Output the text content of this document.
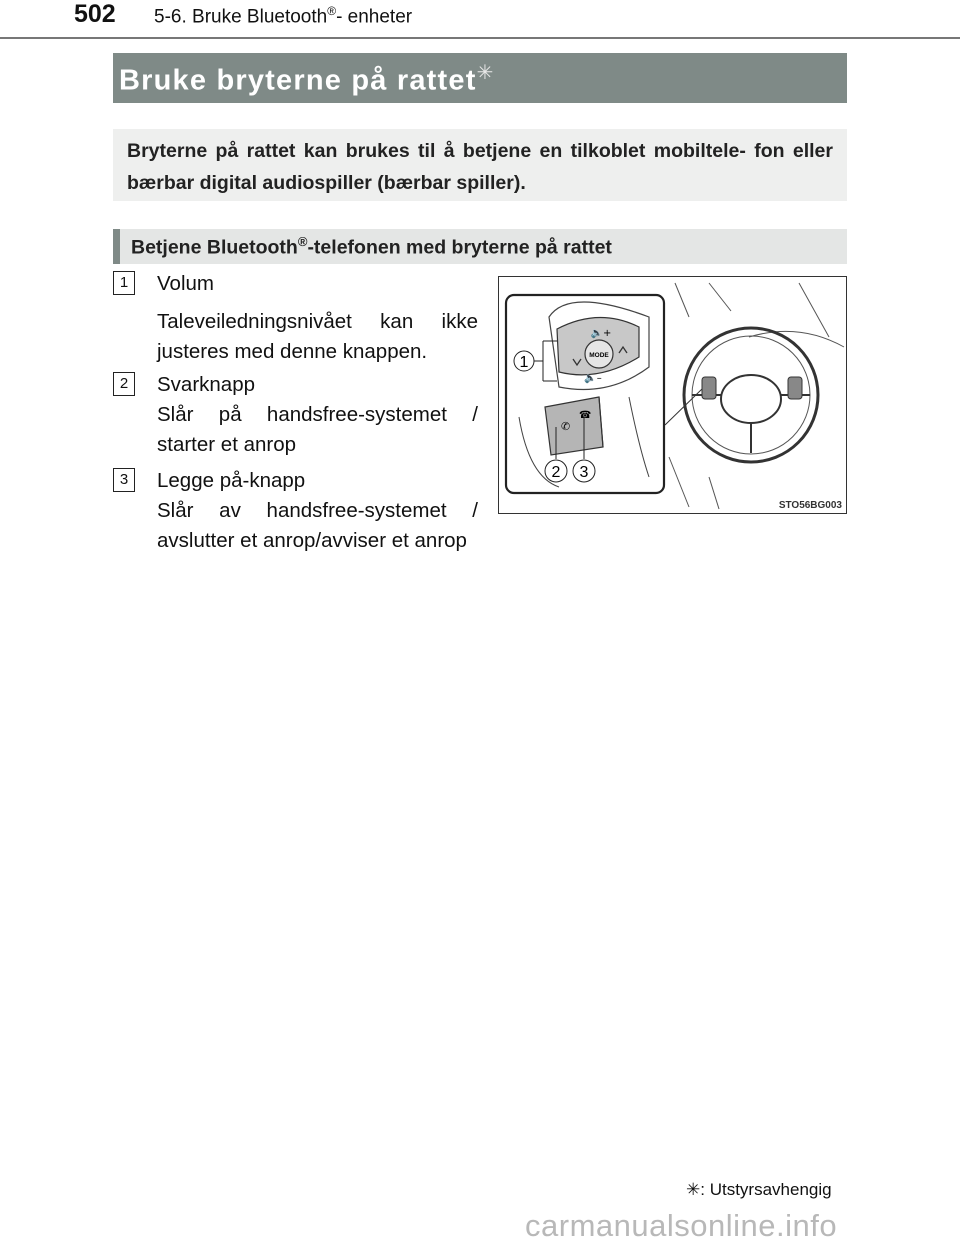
502 5-6. Bruke Bluetooth®- enheter
Bruke bryterne på rattet✳
Bryterne på rattet kan brukes til å betjene en tilkoblet mobiltele- fon eller bærbar digital audiospiller (bærbar spiller).
Betjene Bluetooth®-telefonen med bryterne på rattet
1	Volum

Taleveiledningsnivået kan ikke justeres med denne knappen.

2	Svarknapp

Slår på handsfree-systemet / starter et anrop

3	Legge på-knapp

Slår av handsfree-systemet / avslutter et anrop/avviser et anrop

MODE
🔈+
🔈–
✆
☎
1
2 3
STO56BG003
✳: Utstyrsavhengig
carmanualsonline.info
